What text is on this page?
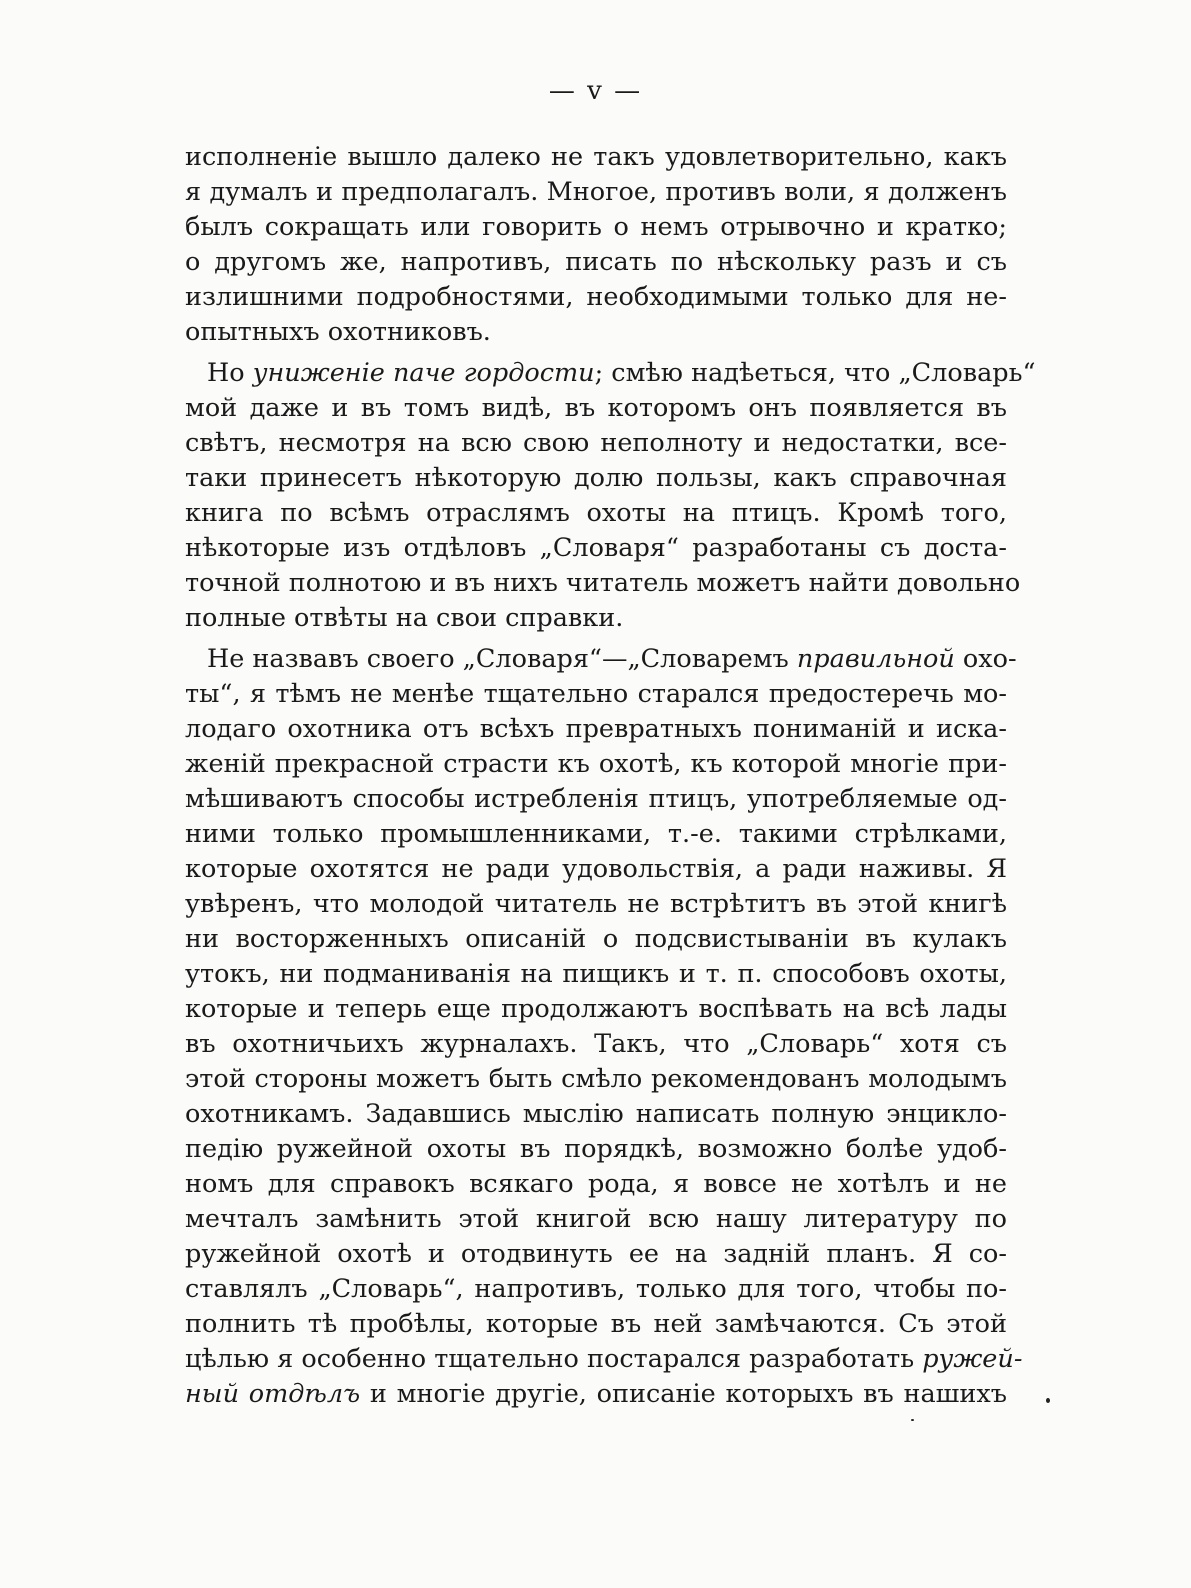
— v —
исполненіе вышло далеко не такъ удовлетворительно, какъ
я думалъ и предполагалъ. Многое, противъ воли, я долженъ
былъ сокращать или говорить о немъ отрывочно и кратко;
о другомъ же, напротивъ, писать по нѣскольку разъ и съ
излишними подробностями, необходимыми только для не-
опытныхъ охотниковъ.
Но униженіе паче гордости; смѣю надѣеться, что „Словарь“
мой даже и въ томъ видѣ, въ которомъ онъ появляется въ
свѣтъ, несмотря на всю свою неполноту и недостатки, все-
таки принесетъ нѣкоторую долю пользы, какъ справочная
книга по всѣмъ отраслямъ охоты на птицъ. Кромѣ того,
нѣкоторые изъ отдѣловъ „Словаря“ разработаны съ доста-
точной полнотою и въ нихъ читатель можетъ найти довольно
полные отвѣты на свои справки.
Не назвавъ своего „Словаря“—„Словаремъ правильной охо-
ты“, я тѣмъ не менѣе тщательно старался предостеречь мо-
лодаго охотника отъ всѣхъ превратныхъ пониманій и иска-
женій прекрасной страсти къ охотѣ, къ которой многіе при-
мѣшиваютъ способы истребленія птицъ, употребляемые од-
ними только промышленниками, т.-е. такими стрѣлками,
которые охотятся не ради удовольствія, а ради наживы. Я
увѣренъ, что молодой читатель не встрѣтитъ въ этой книгѣ
ни восторженныхъ описаній о подсвистываніи въ кулакъ
утокъ, ни подманиванія на пищикъ и т. п. способовъ охоты,
которые и теперь еще продолжаютъ воспѣвать на всѣ лады
въ охотничьихъ журналахъ. Такъ, что „Словарь“ хотя съ
этой стороны можетъ быть смѣло рекомендованъ молодымъ
охотникамъ. Задавшись мыслію написать полную энцикло-
педію ружейной охоты въ порядкѣ, возможно болѣе удоб-
номъ для справокъ всякаго рода, я вовсе не хотѣлъ и не
мечталъ замѣнить этой книгой всю нашу литературу по
ружейной охотѣ и отодвинуть ее на задній планъ. Я со-
ставлялъ „Словарь“, напротивъ, только для того, чтобы по-
полнить тѣ пробѣлы, которые въ ней замѣчаются. Съ этой
цѣлью я особенно тщательно постарался разработать ружей-
ный отдѣлъ и многіе другіе, описаніе которыхъ въ нашихъ
